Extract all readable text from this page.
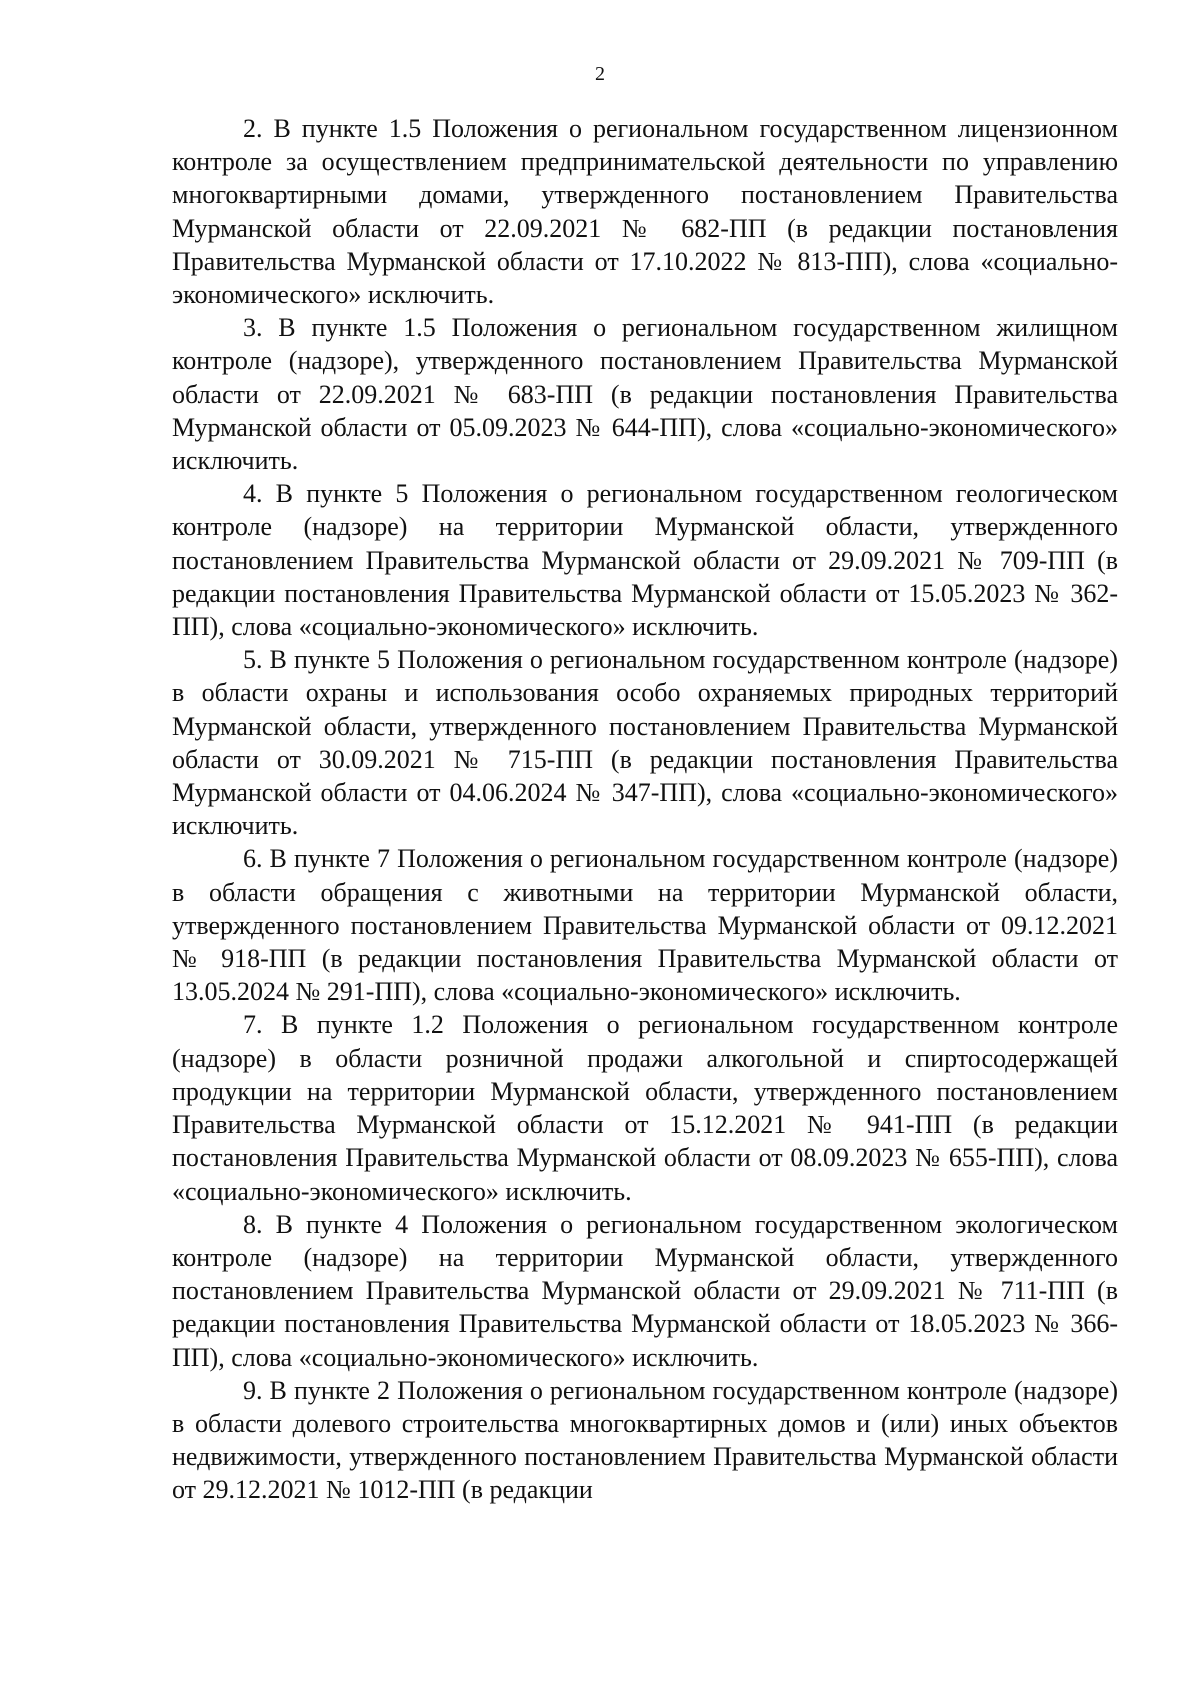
2

2. В пункте 1.5 Положения о региональном государственном лицензионном контроле за осуществлением предпринимательской деятельности по управлению многоквартирными домами, утвержденного постановлением Правительства Мурманской области от 22.09.2021 № 682-ПП (в редакции постановления Правительства Мурманской области от 17.10.2022 № 813-ПП), слова «социально-экономического» исключить.

3. В пункте 1.5 Положения о региональном государственном жилищном контроле (надзоре), утвержденного постановлением Правительства Мурманской области от 22.09.2021 № 683-ПП (в редакции постановления Правительства Мурманской области от 05.09.2023 № 644-ПП), слова «социально-экономического» исключить.

4. В пункте 5 Положения о региональном государственном геологическом контроле (надзоре) на территории Мурманской области, утвержденного постановлением Правительства Мурманской области от 29.09.2021 № 709-ПП (в редакции постановления Правительства Мурманской области от 15.05.2023 № 362-ПП), слова «социально-экономического» исключить.

5. В пункте 5 Положения о региональном государственном контроле (надзоре) в области охраны и использования особо охраняемых природных территорий Мурманской области, утвержденного постановлением Правительства Мурманской области от 30.09.2021 № 715-ПП (в редакции постановления Правительства Мурманской области от 04.06.2024 № 347-ПП), слова «социально-экономического» исключить.

6. В пункте 7 Положения о региональном государственном контроле (надзоре) в области обращения с животными на территории Мурманской области, утвержденного постановлением Правительства Мурманской области от 09.12.2021 № 918-ПП (в редакции постановления Правительства Мурманской области от 13.05.2024 № 291-ПП), слова «социально-экономического» исключить.

7. В пункте 1.2 Положения о региональном государственном контроле (надзоре) в области розничной продажи алкогольной и спиртосодержащей продукции на территории Мурманской области, утвержденного постановлением Правительства Мурманской области от 15.12.2021 № 941-ПП (в редакции постановления Правительства Мурманской области от 08.09.2023 № 655-ПП), слова «социально-экономического» исключить.

8. В пункте 4 Положения о региональном государственном экологическом контроле (надзоре) на территории Мурманской области, утвержденного постановлением Правительства Мурманской области от 29.09.2021 № 711-ПП (в редакции постановления Правительства Мурманской области от 18.05.2023 № 366-ПП), слова «социально-экономического» исключить.

9. В пункте 2 Положения о региональном государственном контроле (надзоре) в области долевого строительства многоквартирных домов и (или) иных объектов недвижимости, утвержденного постановлением Правительства Мурманской области от 29.12.2021 № 1012-ПП (в редакции
